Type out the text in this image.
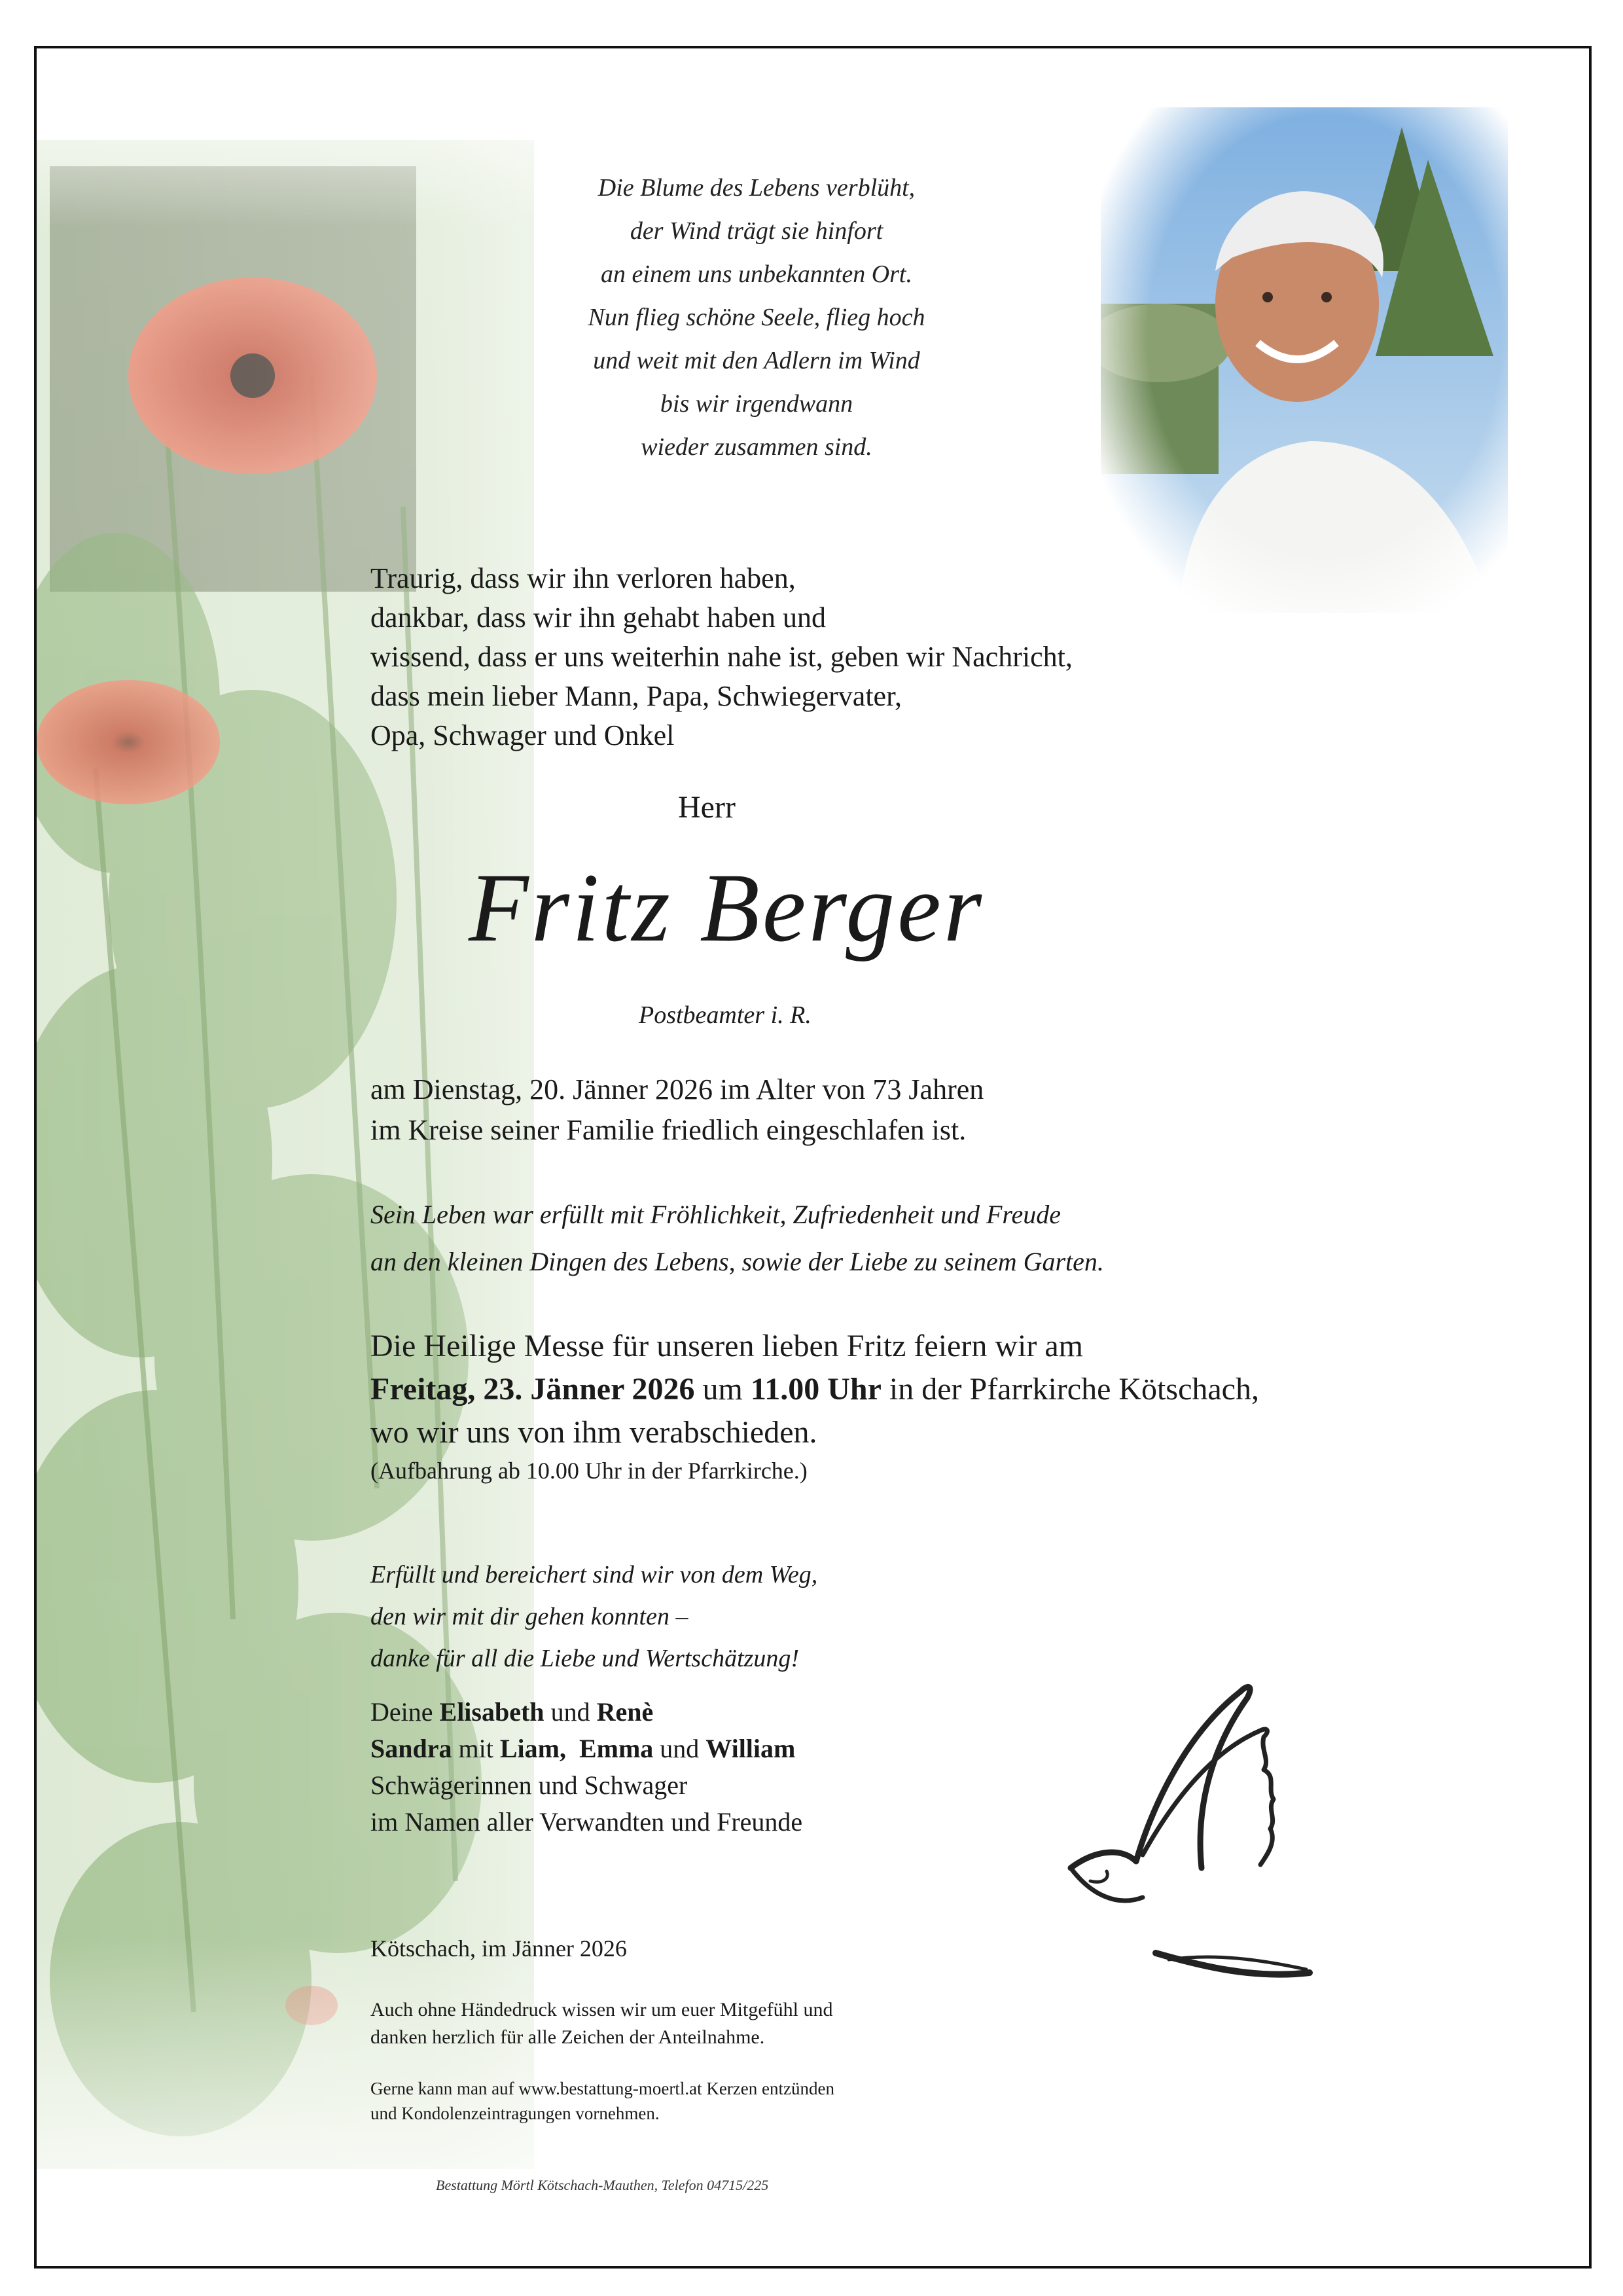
Die Blume des Lebens verblüht,
der Wind trägt sie hinfort
an einem uns unbekannten Ort.
Nun flieg schöne Seele, flieg hoch
und weit mit den Adlern im Wind
bis wir irgendwann
wieder zusammen sind.
Traurig, dass wir ihn verloren haben,
dankbar, dass wir ihn gehabt haben und
wissend, dass er uns weiterhin nahe ist, geben wir Nachricht,
dass mein lieber Mann, Papa, Schwiegervater,
Opa, Schwager und Onkel
Herr
Fritz Berger
Postbeamter i. R.
am Dienstag, 20. Jänner 2026 im Alter von 73 Jahren
im Kreise seiner Familie friedlich eingeschlafen ist.
Sein Leben war erfüllt mit Fröhlichkeit, Zufriedenheit und Freude
an den kleinen Dingen des Lebens, sowie der Liebe zu seinem Garten.
Die Heilige Messe für unseren lieben Fritz feiern wir am
Freitag, 23. Jänner 2026 um 11.00 Uhr in der Pfarrkirche Kötschach,
wo wir uns von ihm verabschieden.
(Aufbahrung ab 10.00 Uhr in der Pfarrkirche.)
Erfüllt und bereichert sind wir von dem Weg,
den wir mit dir gehen konnten –
danke für all die Liebe und Wertschätzung!
Deine Elisabeth und Renè
Sandra mit Liam, Emma und William
Schwägerinnen und Schwager
im Namen aller Verwandten und Freunde
Kötschach, im Jänner 2026
Auch ohne Händedruck wissen wir um euer Mitgefühl und
danken herzlich für alle Zeichen der Anteilnahme.
Gerne kann man auf www.bestattung-moertl.at Kerzen entzünden
und Kondolenzeintragungen vornehmen.
Bestattung Mörtl Kötschach-Mauthen, Telefon 04715/225
